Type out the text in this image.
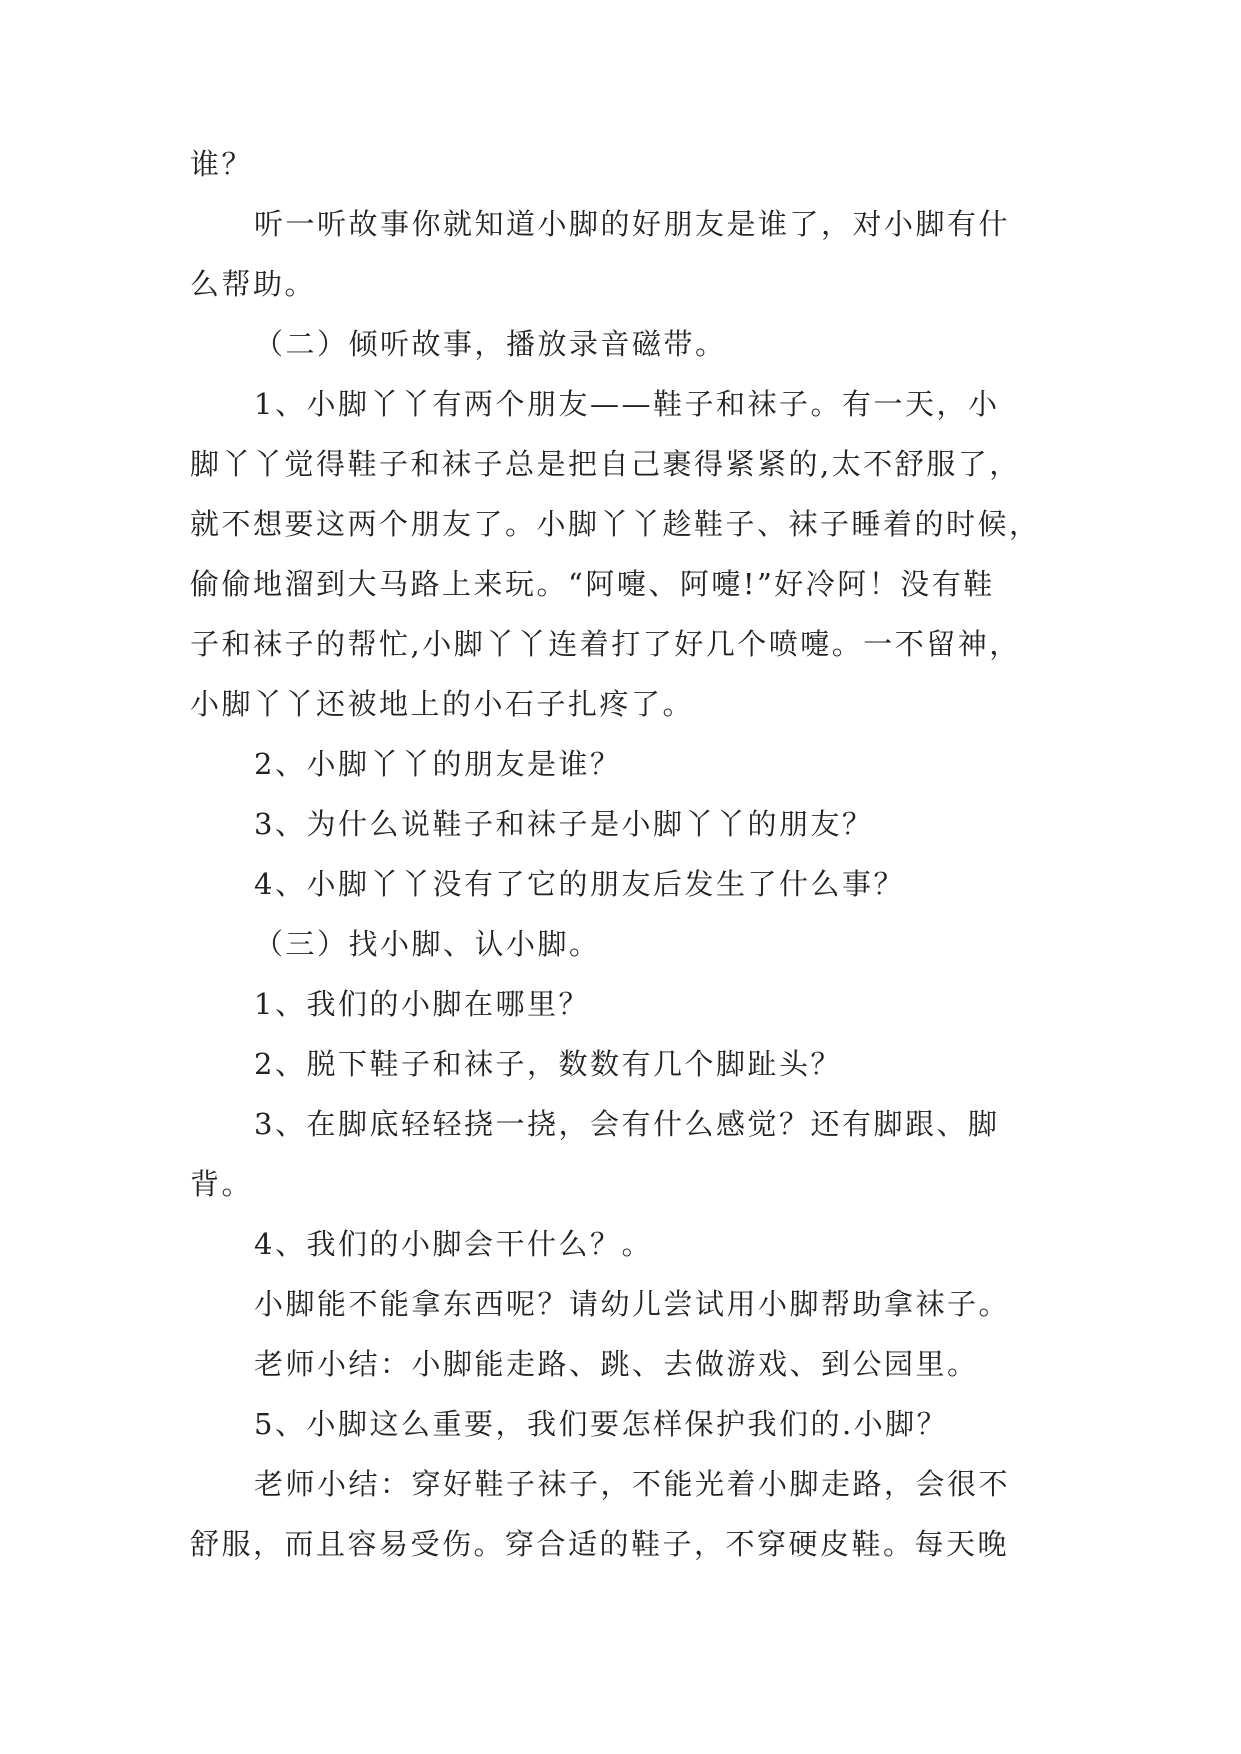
谁？
听一听故事你就知道小脚的好朋友是谁了，对小脚有什
么帮助。
（二）倾听故事，播放录音磁带。
1、小脚丫丫有两个朋友——鞋子和袜子。有一天，小
脚丫丫觉得鞋子和袜子总是把自己裹得紧紧的,太不舒服了，
就不想要这两个朋友了。小脚丫丫趁鞋子、袜子睡着的时候，
偷偷地溜到大马路上来玩。“阿嚏、阿嚏!”好冷阿！没有鞋
子和袜子的帮忙,小脚丫丫连着打了好几个喷嚏。一不留神，
小脚丫丫还被地上的小石子扎疼了。
2、小脚丫丫的朋友是谁？
3、为什么说鞋子和袜子是小脚丫丫的朋友？
4、小脚丫丫没有了它的朋友后发生了什么事？
（三）找小脚、认小脚。
1、我们的小脚在哪里？
2、脱下鞋子和袜子，数数有几个脚趾头？
3、在脚底轻轻挠一挠，会有什么感觉？还有脚跟、脚
背。
4、我们的小脚会干什么？。
小脚能不能拿东西呢？请幼儿尝试用小脚帮助拿袜子。
老师小结：小脚能走路、跳、去做游戏、到公园里。
5、小脚这么重要，我们要怎样保护我们的.小脚？
老师小结：穿好鞋子袜子，不能光着小脚走路，会很不
舒服，而且容易受伤。穿合适的鞋子，不穿硬皮鞋。每天晚
